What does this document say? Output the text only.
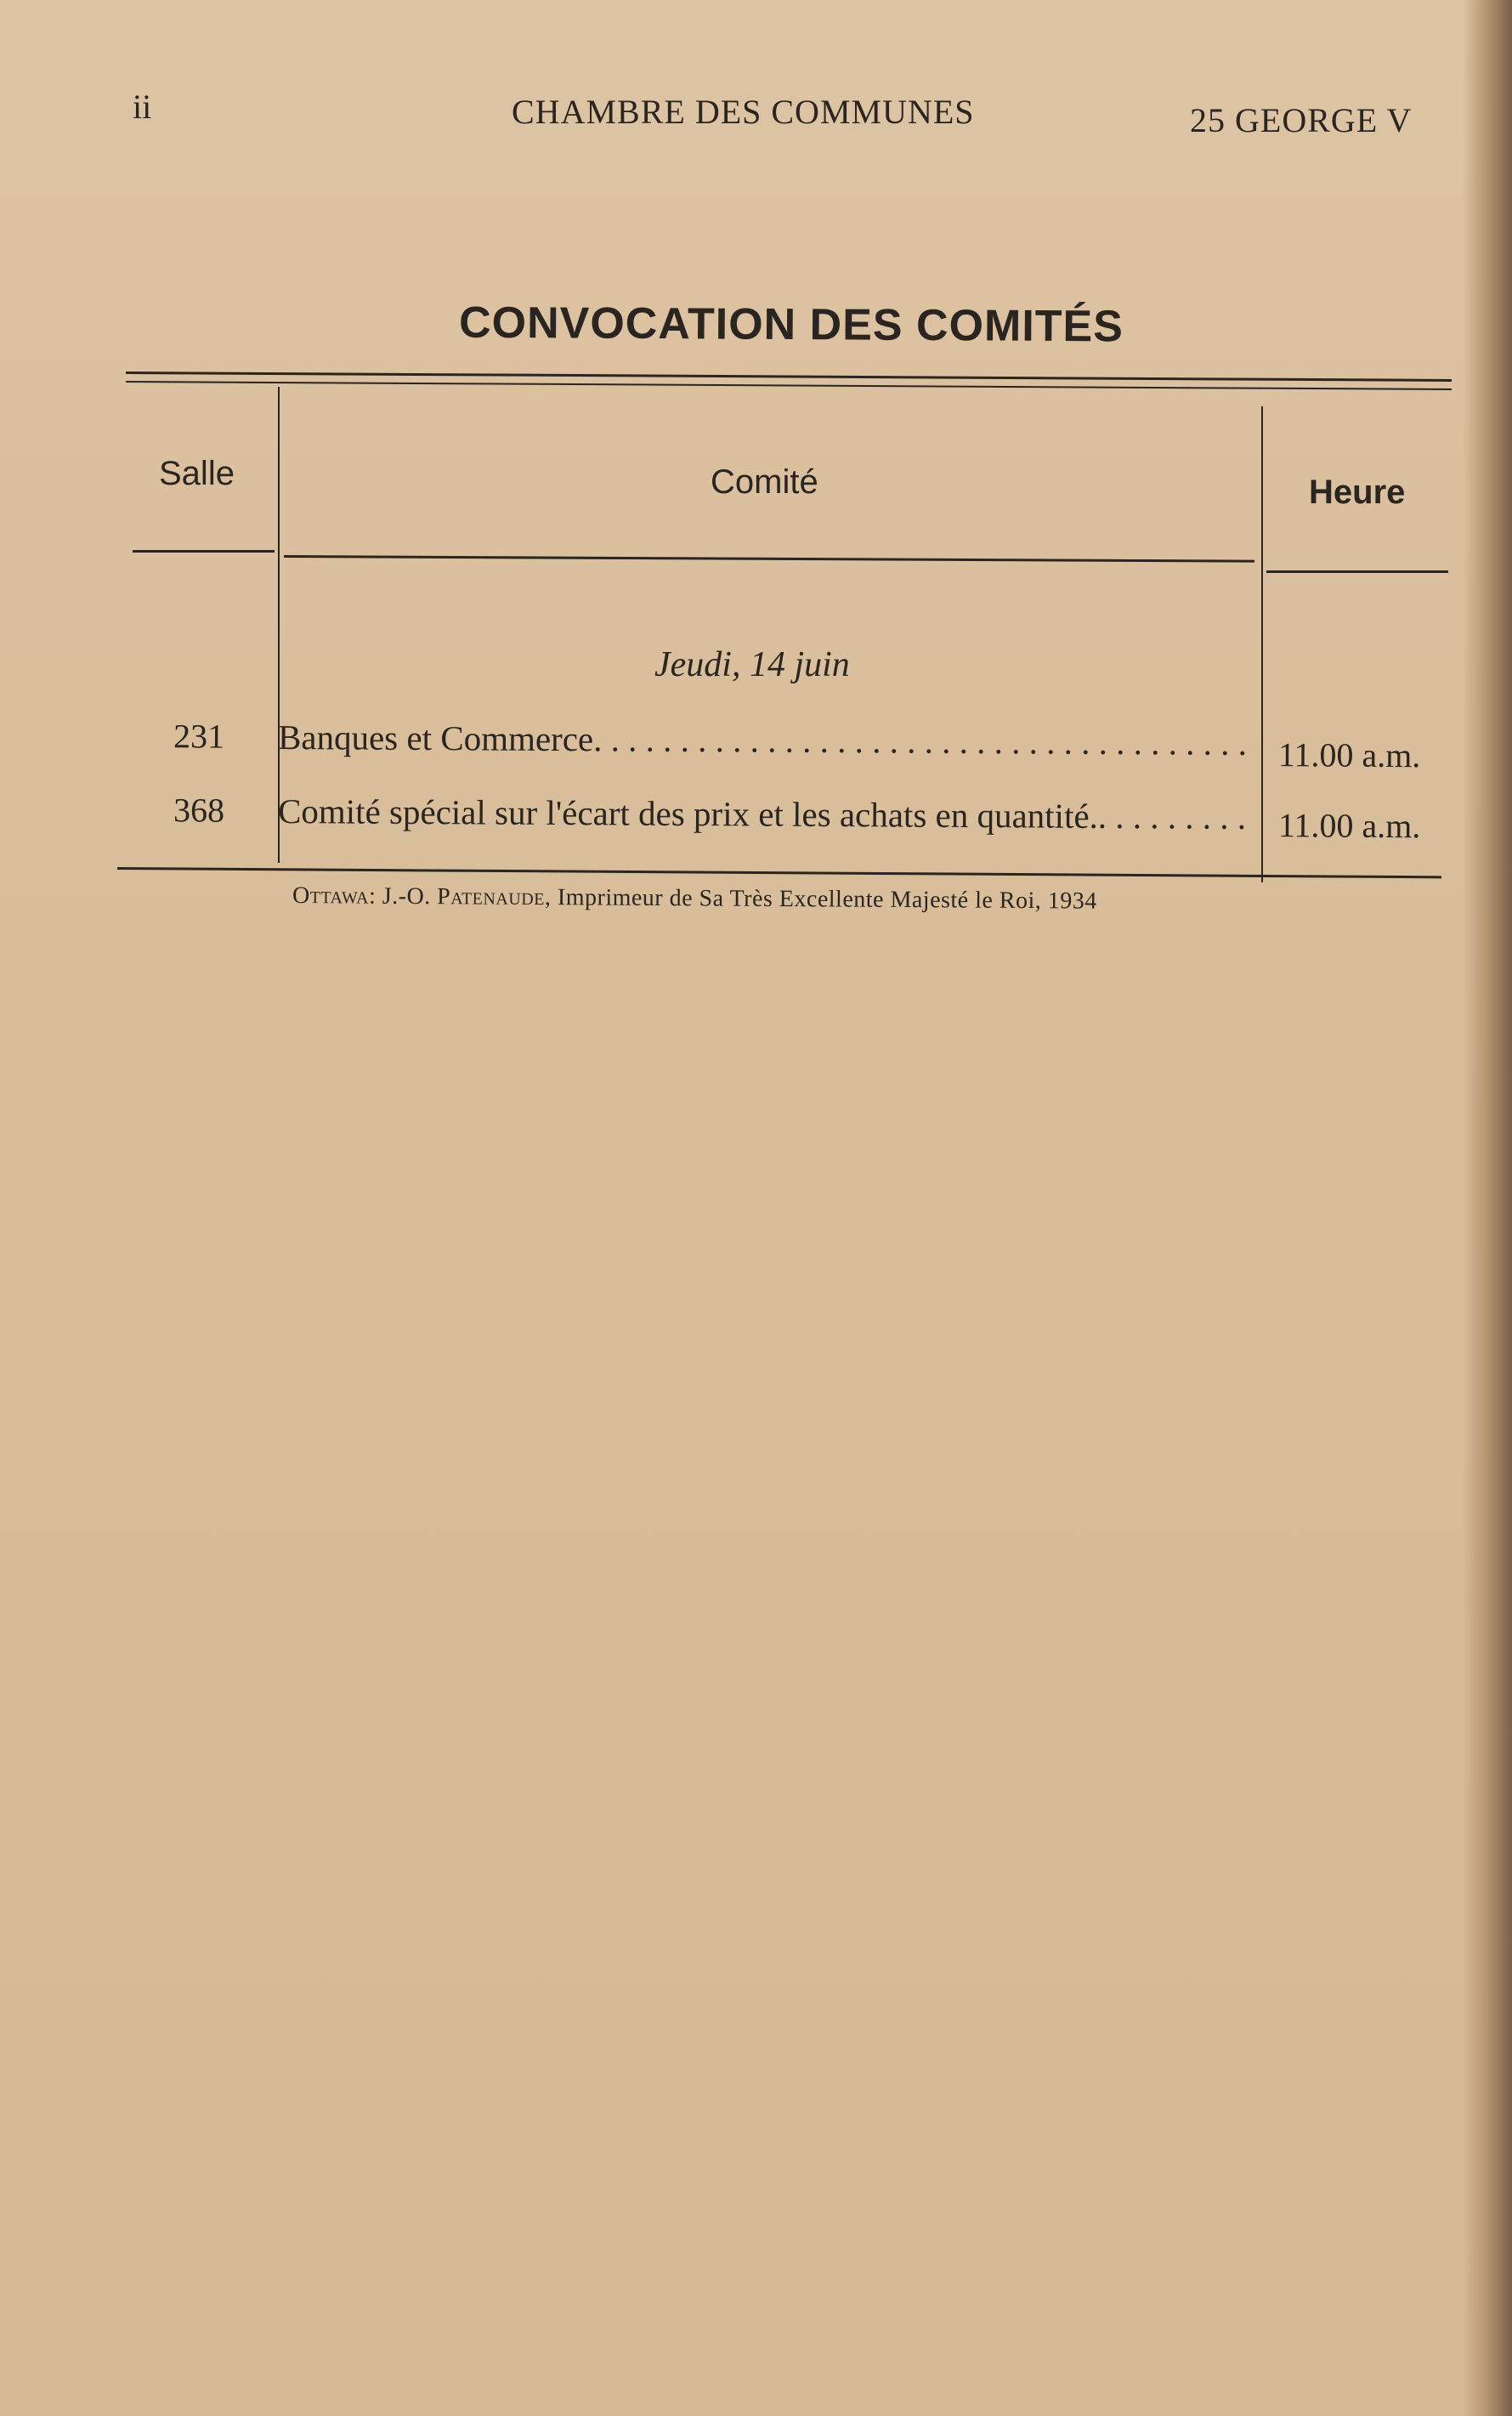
ii	CHAMBRE DES COMMUNES	25 GEORGE V
CONVOCATION DES COMITÉS
Salle	Comité	Heure
Jeudi, 14 juin
231 Banques et Commerce
. . .	11.00 a.m.
368 Comité spécial sur l'écart des prix et les achats en quantité . . . .	11.00 a.m.
Ottawa: J.-O. Patenaude, Imprimeur de Sa Très Excellente Majesté le Roi, 1934
